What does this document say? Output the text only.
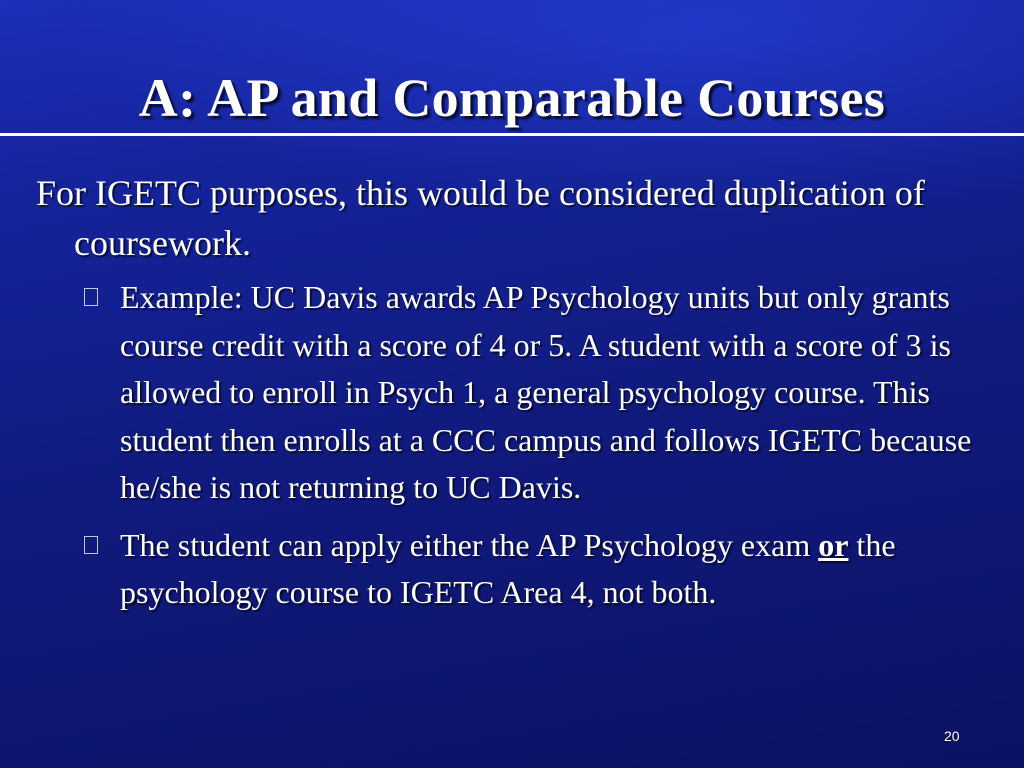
A: AP and Comparable Courses

For IGETC purposes, this would be considered duplication of coursework.

Example: UC Davis awards AP Psychology units but only grants course credit with a score of 4 or 5. A student with a score of 3 is allowed to enroll in Psych 1, a general psychology course. This student then enrolls at a CCC campus and follows IGETC because he/she is not returning to UC Davis.
The student can apply either the AP Psychology exam or the psychology course to IGETC Area 4, not both.
20
